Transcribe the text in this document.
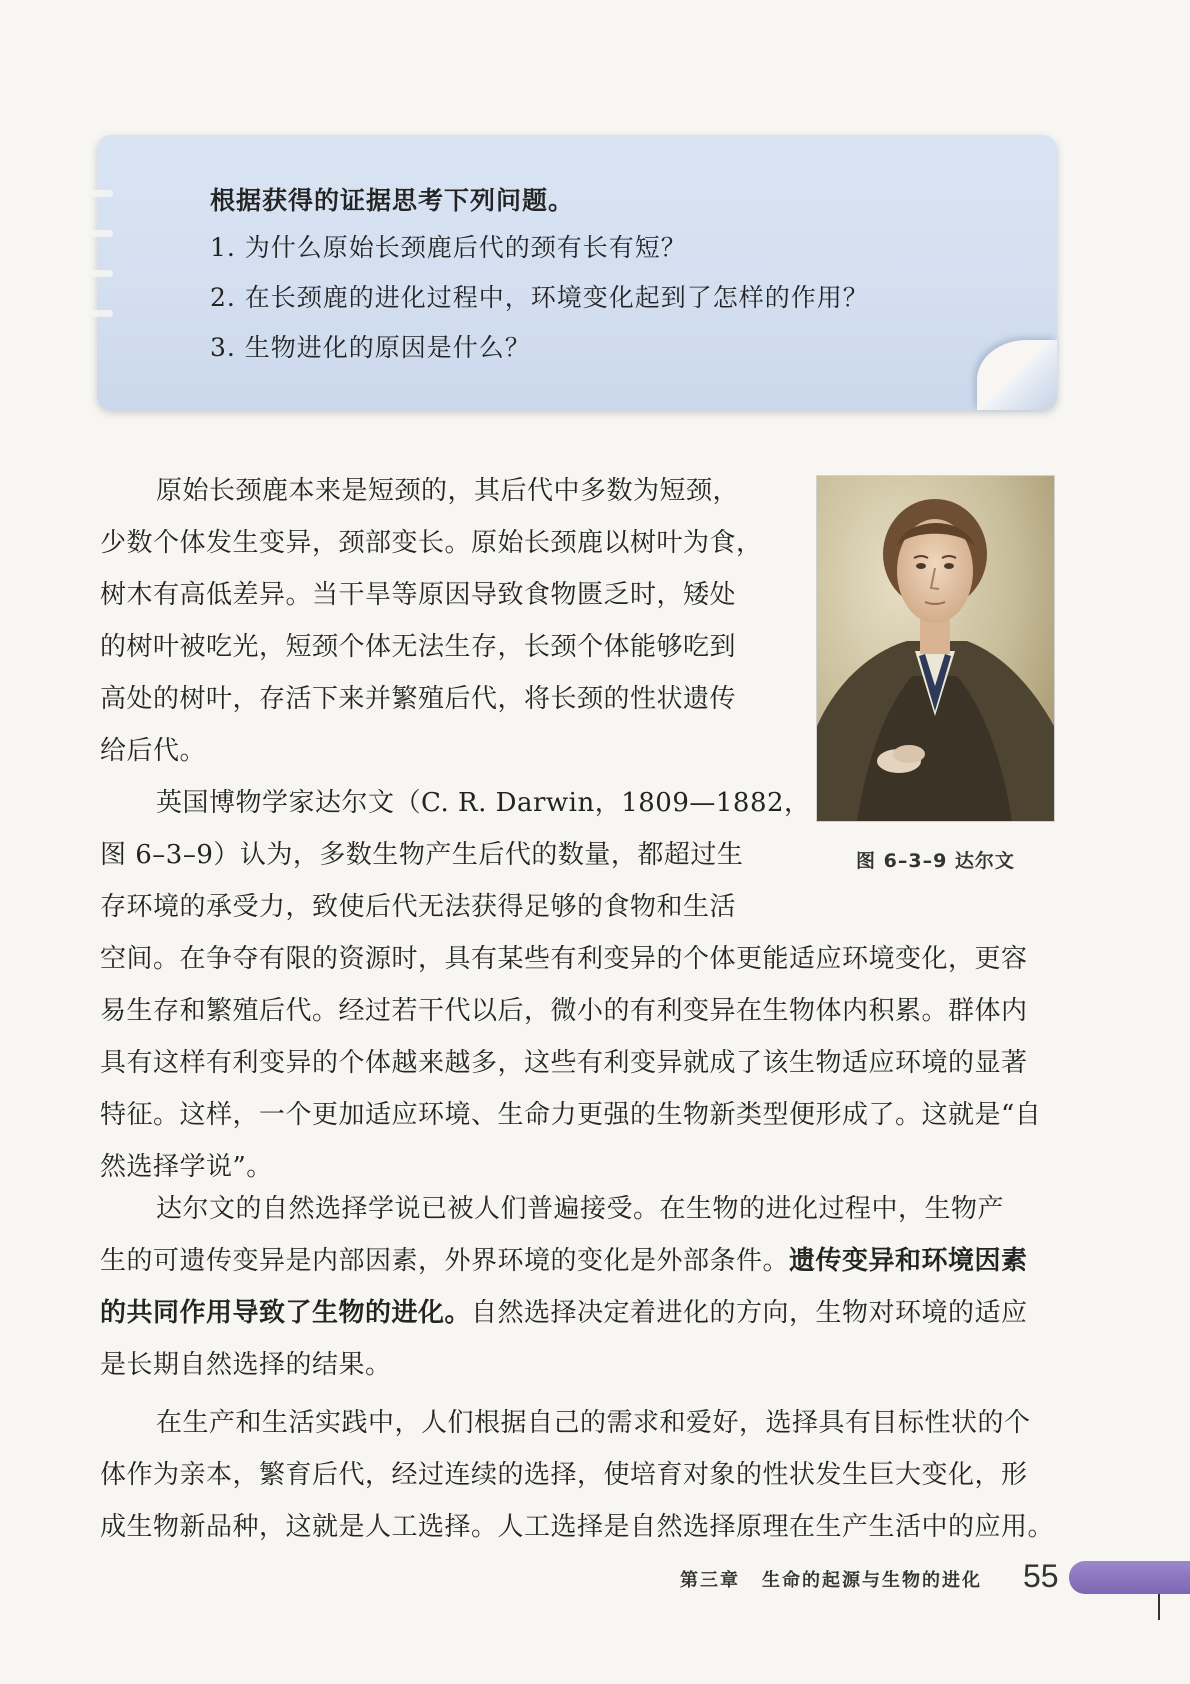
根据获得的证据思考下列问题。
1. 为什么原始长颈鹿后代的颈有长有短？
2. 在长颈鹿的进化过程中，环境变化起到了怎样的作用？
3. 生物进化的原因是什么？
原始长颈鹿本来是短颈的，其后代中多数为短颈，
少数个体发生变异，颈部变长。原始长颈鹿以树叶为食，
树木有高低差异。当干旱等原因导致食物匮乏时，矮处
的树叶被吃光，短颈个体无法生存，长颈个体能够吃到
高处的树叶，存活下来并繁殖后代，将长颈的性状遗传
给后代。
英国博物学家达尔文（C. R. Darwin，1809—1882，
图 6–3–9）认为，多数生物产生后代的数量，都超过生
存环境的承受力，致使后代无法获得足够的食物和生活
空间。在争夺有限的资源时，具有某些有利变异的个体更能适应环境变化，更容
易生存和繁殖后代。经过若干代以后，微小的有利变异在生物体内积累。群体内
具有这样有利变异的个体越来越多，这些有利变异就成了该生物适应环境的显著
特征。这样，一个更加适应环境、生命力更强的生物新类型便形成了。这就是“自
然选择学说”。
达尔文的自然选择学说已被人们普遍接受。在生物的进化过程中，生物产
生的可遗传变异是内部因素，外界环境的变化是外部条件。遗传变异和环境因素
的共同作用导致了生物的进化。自然选择决定着进化的方向，生物对环境的适应
是长期自然选择的结果。
在生产和生活实践中，人们根据自己的需求和爱好，选择具有目标性状的个
体作为亲本，繁育后代，经过连续的选择，使培育对象的性状发生巨大变化，形
成生物新品种，这就是人工选择。人工选择是自然选择原理在生产生活中的应用。
图 6–3–9 达尔文
第三章 生命的起源与生物的进化 55
